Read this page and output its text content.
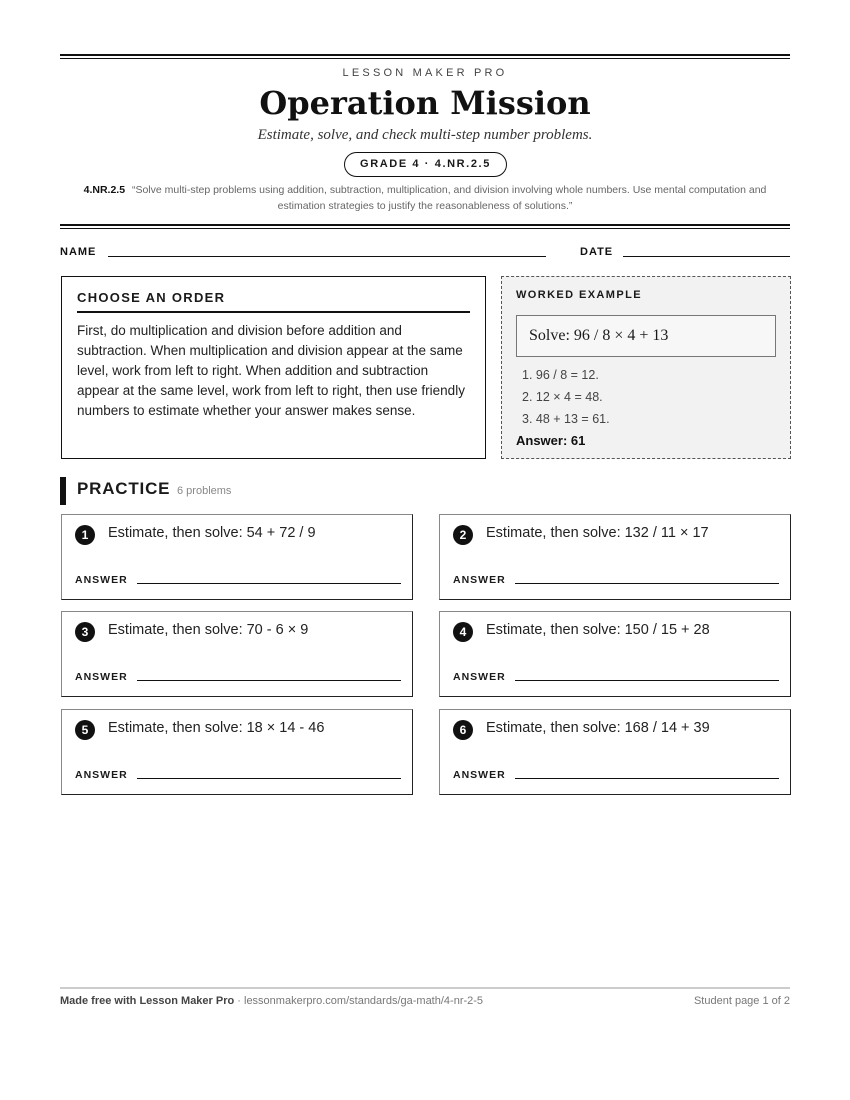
LESSON MAKER PRO
Operation Mission
Estimate, solve, and check multi-step number problems.
GRADE 4 · 4.NR.2.5
4.NR.2.5 “Solve multi-step problems using addition, subtraction, multiplication, and division involving whole numbers. Use mental computation and estimation strategies to justify the reasonableness of solutions.”
NAME	DATE
CHOOSE AN ORDER

First, do multiplication and division before addition and subtraction. When multiplication and division appear at the same level, work from left to right. When addition and subtraction appear at the same level, work from left to right, then use friendly numbers to estimate whether your answer makes sense.

WORKED EXAMPLE
Solve: 96 / 8 × 4 + 13
1. 96 / 8 = 12.
2. 12 × 4 = 48.
3. 48 + 13 = 61.
Answer: 61
PRACTICE 6 problems
1	Estimate, then solve: 54 + 72 / 9
ANSWER
2	Estimate, then solve: 132 / 11 × 17
ANSWER
3	Estimate, then solve: 70 - 6 × 9
ANSWER
4	Estimate, then solve: 150 / 15 + 28
ANSWER
5	Estimate, then solve: 18 × 14 - 46
ANSWER
6	Estimate, then solve: 168 / 14 + 39
ANSWER
Made free with Lesson Maker Pro · lessonmakerpro.com/standards/ga-math/4-nr-2-5	Student page 1 of 2
